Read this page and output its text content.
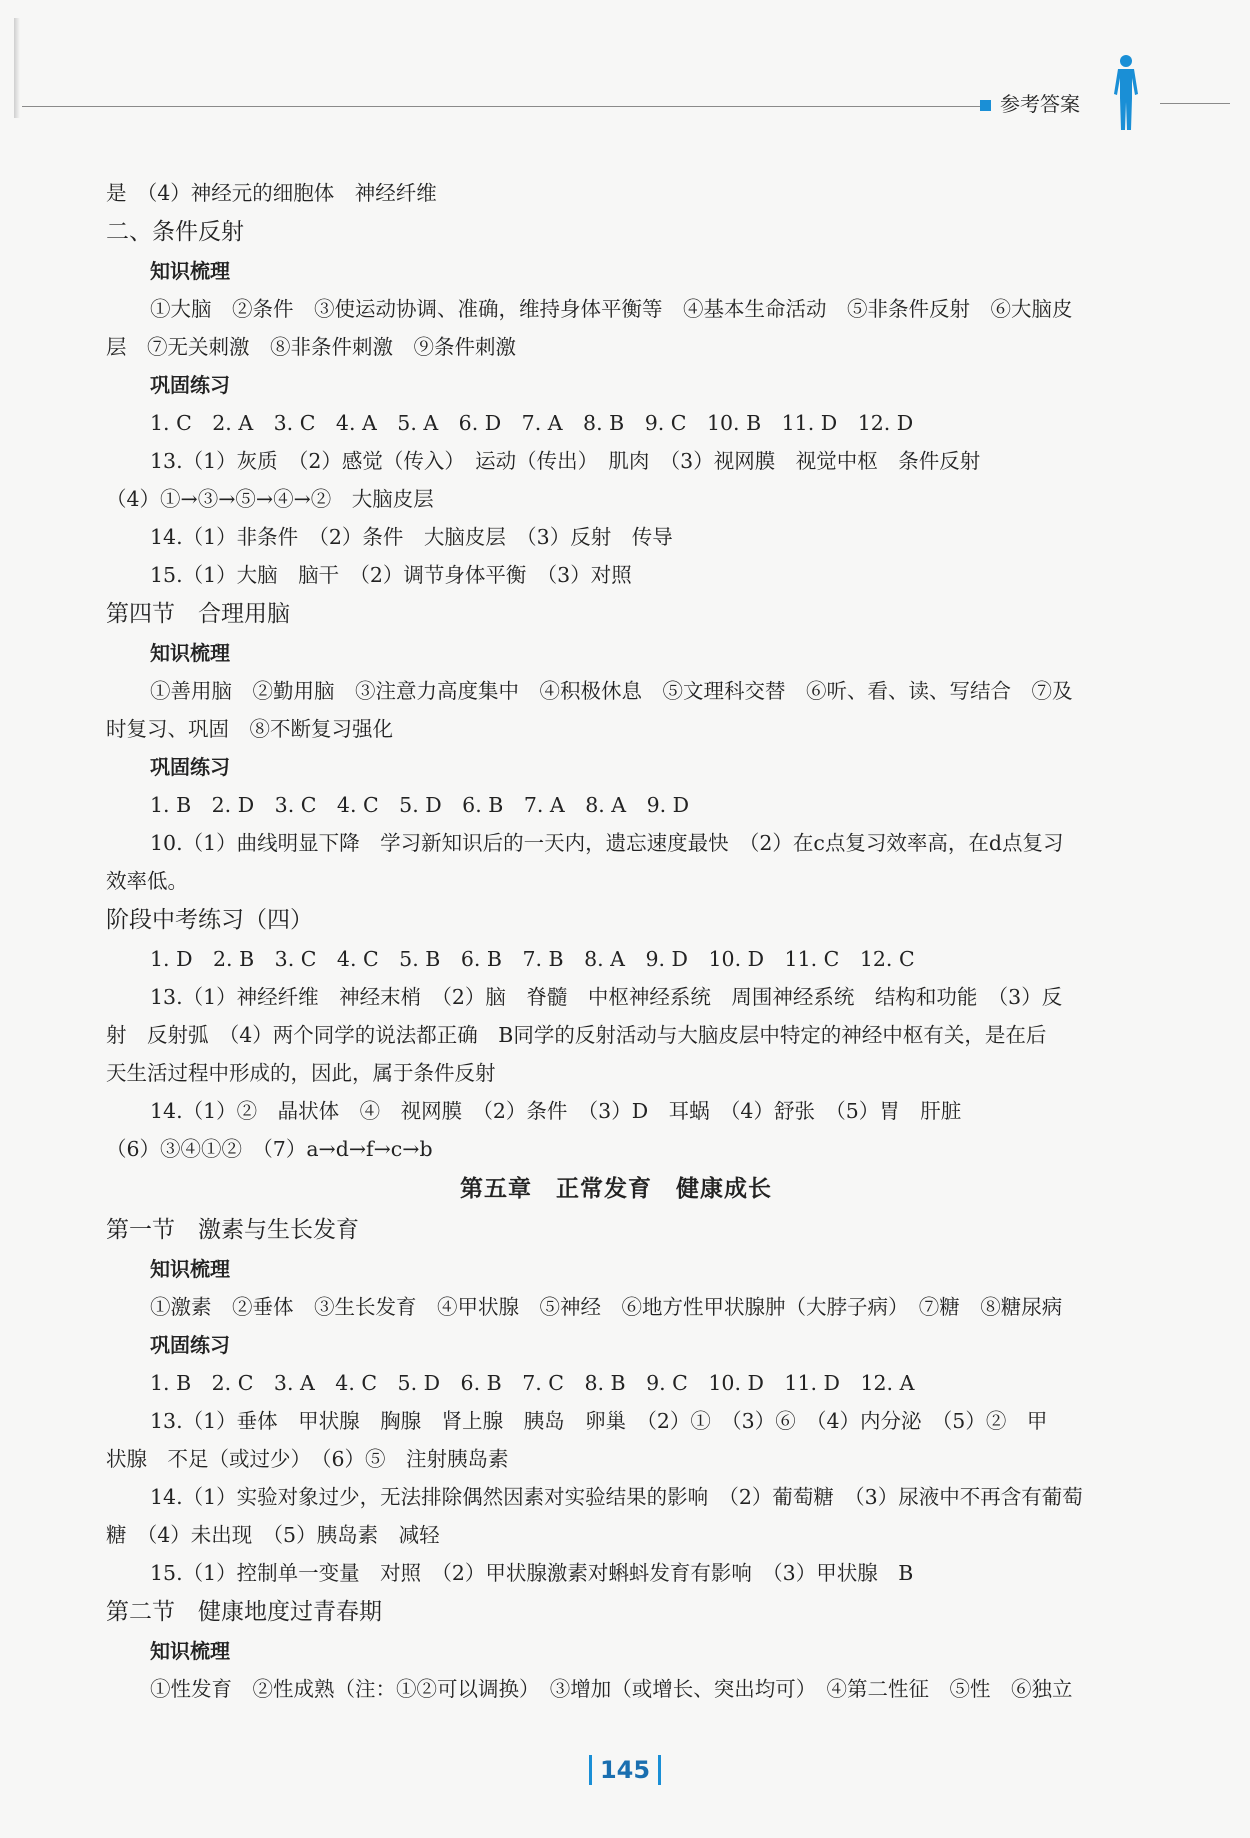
参考答案
是　（4）神经元的细胞体　神经纤维
二、条件反射
知识梳理
①大脑　②条件　③使运动协调、准确，维持身体平衡等　④基本生命活动　⑤非条件反射　⑥大脑皮
层　⑦无关刺激　⑧非条件刺激　⑨条件刺激
巩固练习
1. C　2. A　3. C　4. A　5. A　6. D　7. A　8. B　9. C　10. B　11. D　12. D
13.（1）灰质　（2）感觉（传入）　运动（传出）　肌肉　（3）视网膜　视觉中枢　条件反射
（4）①→③→⑤→④→②　大脑皮层
14.（1）非条件　（2）条件　大脑皮层　（3）反射　传导
15.（1）大脑　脑干　（2）调节身体平衡　（3）对照
第四节　合理用脑
知识梳理
①善用脑　②勤用脑　③注意力高度集中　④积极休息　⑤文理科交替　⑥听、看、读、写结合　⑦及
时复习、巩固　⑧不断复习强化
巩固练习
1. B　2. D　3. C　4. C　5. D　6. B　7. A　8. A　9. D
10.（1）曲线明显下降　学习新知识后的一天内，遗忘速度最快　（2）在c点复习效率高，在d点复习
效率低。
阶段中考练习（四）
1. D　2. B　3. C　4. C　5. B　6. B　7. B　8. A　9. D　10. D　11. C　12. C
13.（1）神经纤维　神经末梢　（2）脑　脊髓　中枢神经系统　周围神经系统　结构和功能　（3）反
射　反射弧　（4）两个同学的说法都正确　B同学的反射活动与大脑皮层中特定的神经中枢有关，是在后
天生活过程中形成的，因此，属于条件反射
14.（1）②　晶状体　④　视网膜　（2）条件　（3）D　耳蜗　（4）舒张　（5）胃　肝脏
（6）③④①②　（7）a→d→f→c→b
第五章　正常发育　健康成长
第一节　激素与生长发育
知识梳理
①激素　②垂体　③生长发育　④甲状腺　⑤神经　⑥地方性甲状腺肿（大脖子病）　⑦糖　⑧糖尿病
巩固练习
1. B　2. C　3. A　4. C　5. D　6. B　7. C　8. B　9. C　10. D　11. D　12. A
13.（1）垂体　甲状腺　胸腺　肾上腺　胰岛　卵巢　（2）①　（3）⑥　（4）内分泌　（5）②　甲
状腺　不足（或过少）　（6）⑤　注射胰岛素
14.（1）实验对象过少，无法排除偶然因素对实验结果的影响　（2）葡萄糖　（3）尿液中不再含有葡萄
糖　（4）未出现　（5）胰岛素　减轻
15.（1）控制单一变量　对照　（2）甲状腺激素对蝌蚪发育有影响　（3）甲状腺　B
第二节　健康地度过青春期
知识梳理
①性发育　②性成熟（注：①②可以调换）　③增加（或增长、突出均可）　④第二性征　⑤性　⑥独立
145
